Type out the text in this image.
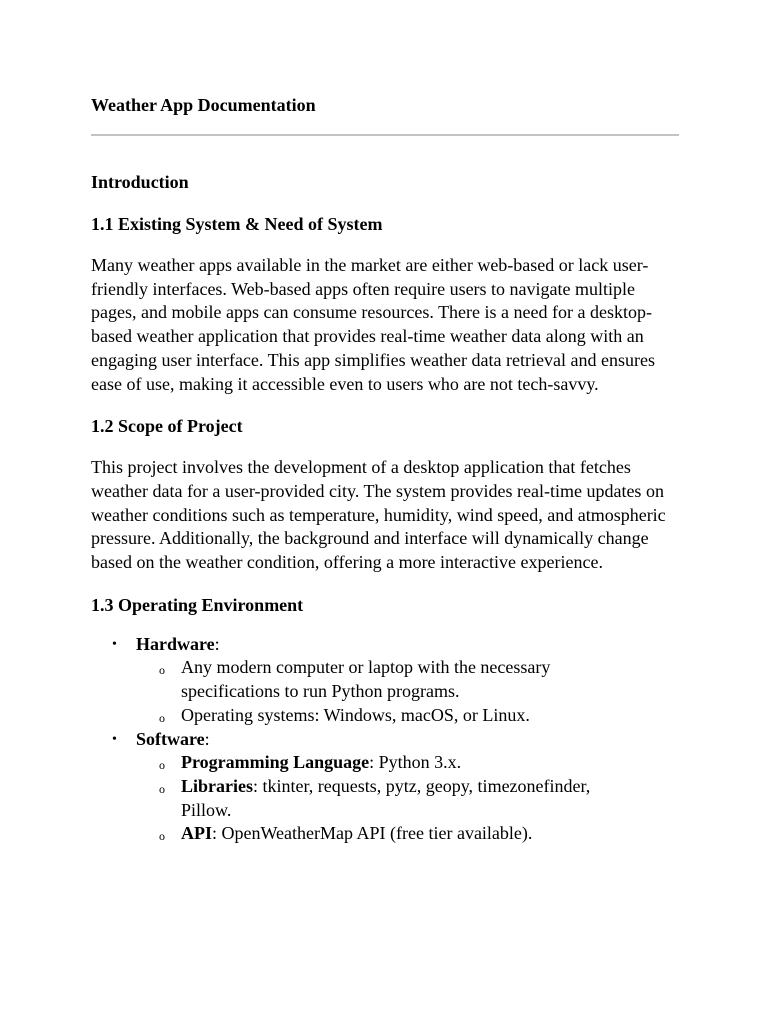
Weather App Documentation
Introduction
1.1 Existing System & Need of System

Many weather apps available in the market are either web-based or lack user-friendly interfaces. Web-based apps often require users to navigate multiple pages, and mobile apps can consume resources. There is a need for a desktop-based weather application that provides real-time weather data along with an engaging user interface. This app simplifies weather data retrieval and ensures ease of use, making it accessible even to users who are not tech-savvy.

1.2 Scope of Project

This project involves the development of a desktop application that fetches weather data for a user-provided city. The system provides real-time updates on weather conditions such as temperature, humidity, wind speed, and atmospheric pressure. Additionally, the background and interface will dynamically change based on the weather condition, offering a more interactive experience.

1.3 Operating Environment
• Hardware:
o Any modern computer or laptop with the necessary specifications to run Python programs.
o Operating systems: Windows, macOS, or Linux.
• Software:
o Programming Language: Python 3.x.
o Libraries: tkinter, requests, pytz, geopy, timezonefinder, Pillow.
o API: OpenWeatherMap API (free tier available).
